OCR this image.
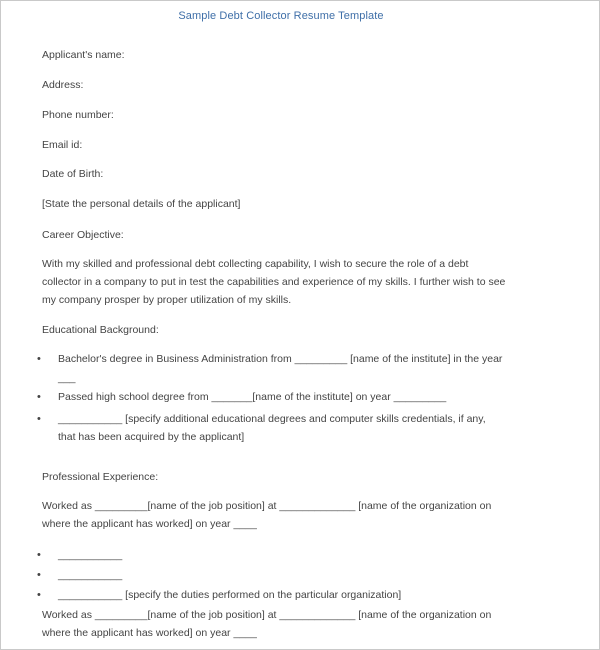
Sample Debt Collector Resume Template
Applicant's name:
Address:
Phone number:
Email id:
Date of Birth:
[State the personal details of the applicant]
Career Objective:
With my skilled and professional debt collecting capability, I wish to secure the role of a debt
collector in a company to put in test the capabilities and experience of my skills. I further wish to see
my company prosper by proper utilization of my skills.
Educational Background:
• Bachelor's degree in Business Administration from _________ [name of the institute] in the year
___
• Passed high school degree from _______[name of the institute] on year _________
• ___________ [specify additional educational degrees and computer skills credentials, if any,
that has been acquired by the applicant]
Professional Experience:
Worked as _________[name of the job position] at _____________ [name of the organization on
where the applicant has worked] on year ____
• ___________
• ___________
• ___________ [specify the duties performed on the particular organization]
Worked as _________[name of the job position] at _____________ [name of the organization on
where the applicant has worked] on year ____
